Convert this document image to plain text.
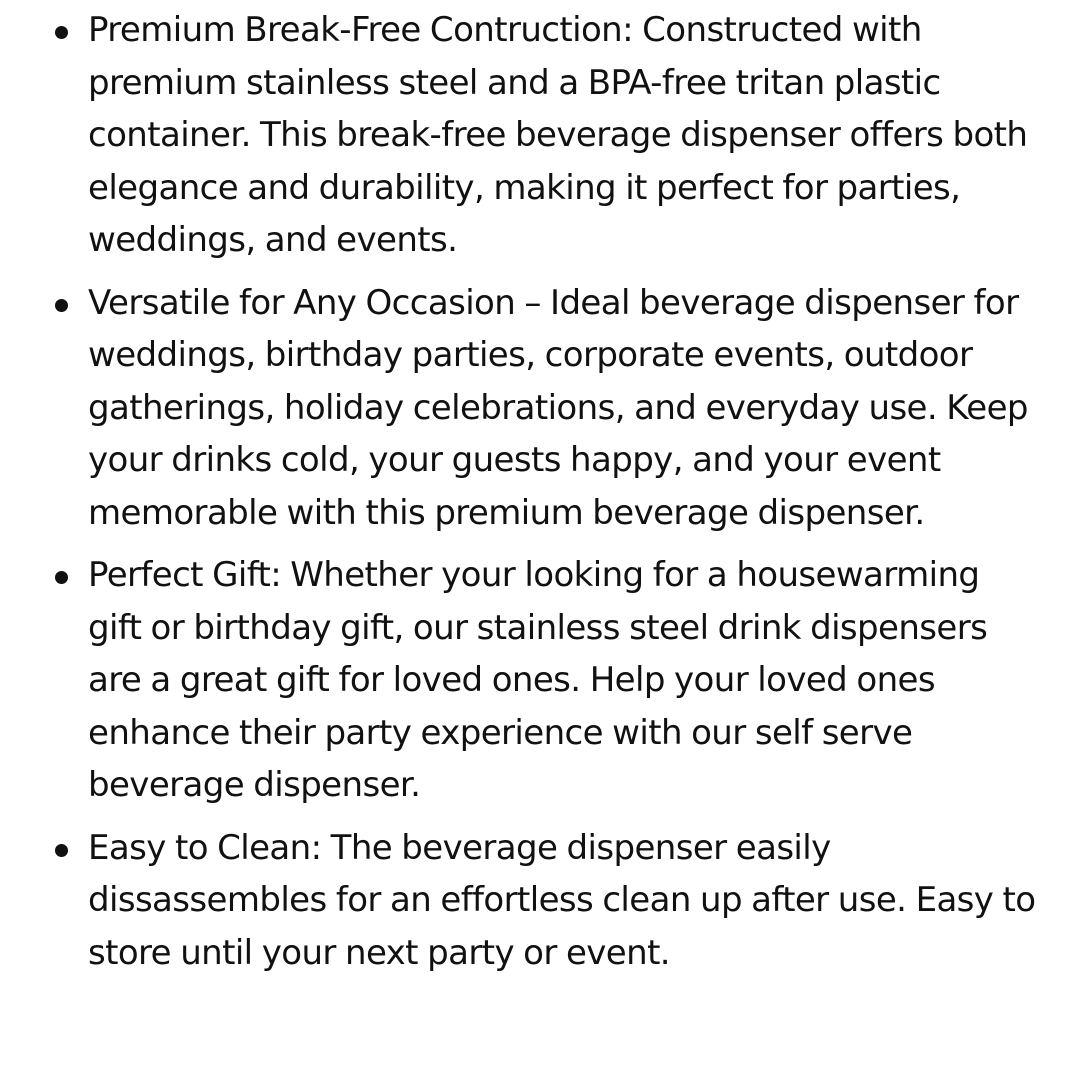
Premium Break-Free Contruction: Constructed with premium stainless steel and a BPA-free tritan plastic container. This break-free beverage dispenser offers both elegance and durability, making it perfect for parties, weddings, and events.
Versatile for Any Occasion – Ideal beverage dispenser for weddings, birthday parties, corporate events, outdoor gatherings, holiday celebrations, and everyday use. Keep your drinks cold, your guests happy, and your event memorable with this premium beverage dispenser.
Perfect Gift: Whether your looking for a housewarming gift or birthday gift, our stainless steel drink dispensers are a great gift for loved ones. Help your loved ones enhance their party experience with our self serve beverage dispenser.
Easy to Clean: The beverage dispenser easily dissassembles for an effortless clean up after use. Easy to store until your next party or event.
